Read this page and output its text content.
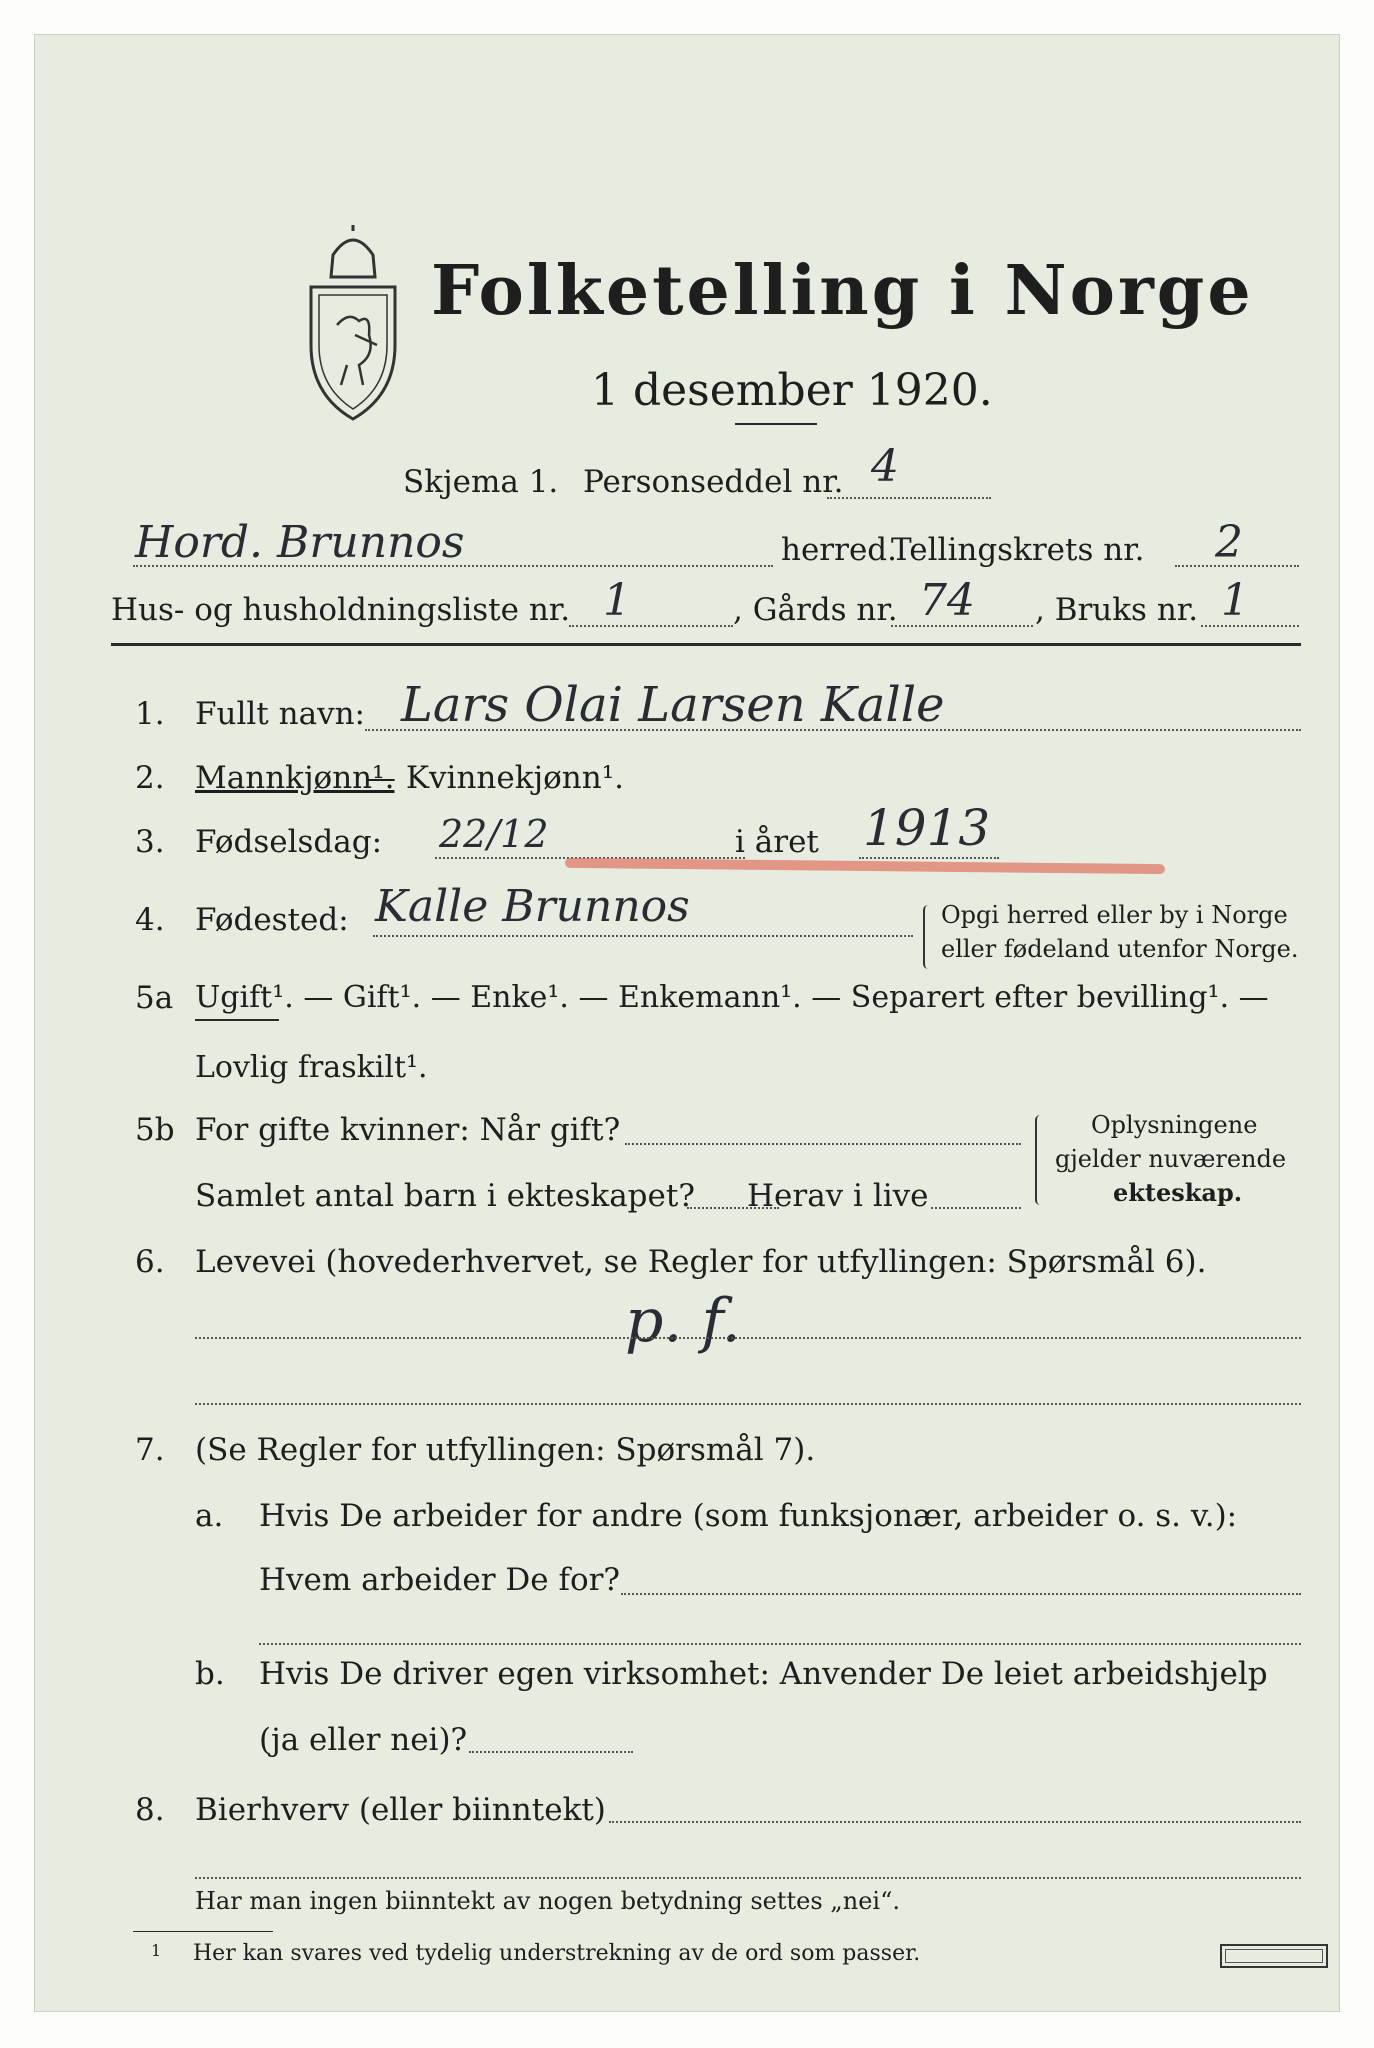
Folketelling i Norge
1 desember 1920.
Skjema 1. Personseddel nr. 4
Hord. Brunnos	herred.
Tellingskrets nr. 2
Hus- og husholdningsliste nr. 1	, Gårds nr. 74 , Bruks nr. 1
1. Fullt navn: Lars Olai Larsen Kalle
2. Mannkjønn¹.
— Kvinnekjønn¹.
3. Fødselsdag: 22/12	i året 1913
4. Fødested: Kalle Brunnos	Opgi herred eller by i Norge
eller fødeland utenfor Norge.
5a Ugift¹. — Gift¹. — Enke¹. — Enkemann¹. — Separert efter bevilling¹. —
Lovlig fraskilt¹.
5b For gifte kvinner: Når gift?
Samlet antal barn i ekteskapet? Herav i live
Oplysningene
gjelder nuværende
ekteskap.
6. Levevei (hovederhvervet, se Regler for utfyllingen: Spørsmål 6).
p. f.
7. (Se Regler for utfyllingen: Spørsmål 7).
a. Hvis De arbeider for andre (som funksjonær, arbeider o. s. v.):
Hvem arbeider De for?
b. Hvis De driver egen virksomhet: Anvender De leiet arbeidshjelp
(ja eller nei)?
8. Bierhverv (eller biinntekt)
Har man ingen biinntekt av nogen betydning settes „nei“.
1 Her kan svares ved tydelig understrekning av de ord som passer.
